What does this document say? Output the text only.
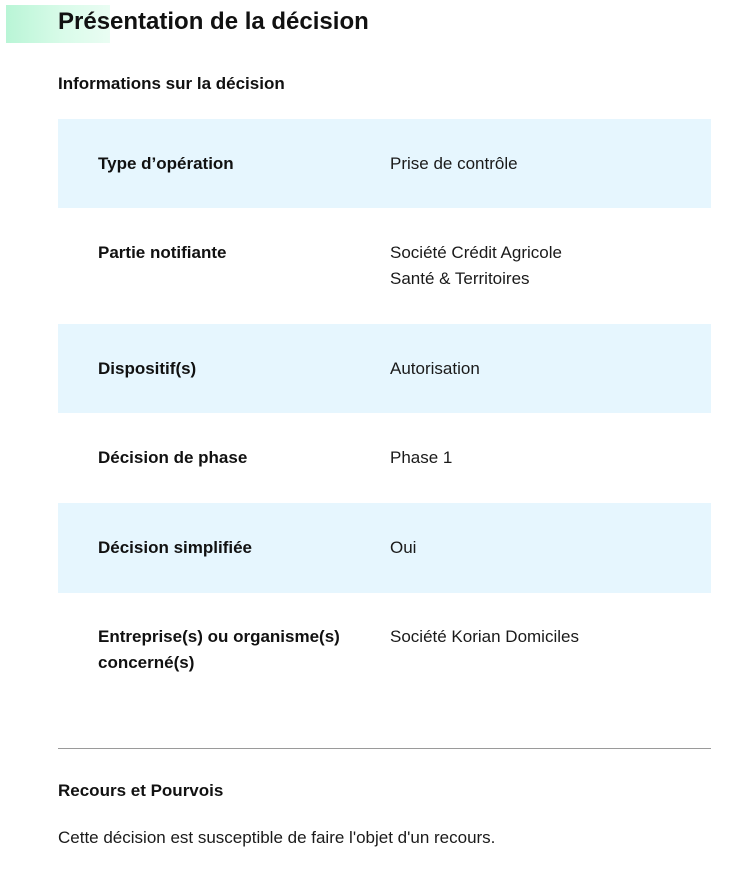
Présentation de la décision
Informations sur la décision
Type d’opération	Prise de contrôle
Partie notifiante	Société Crédit Agricole
Santé & Territoires
Dispositif(s)	Autorisation
Décision de phase	Phase 1
Décision simplifiée	Oui
Entreprise(s) ou organisme(s)
concerné(s)	Société Korian Domiciles
Recours et Pourvois

Cette décision est susceptible de faire l'objet d'un recours.
